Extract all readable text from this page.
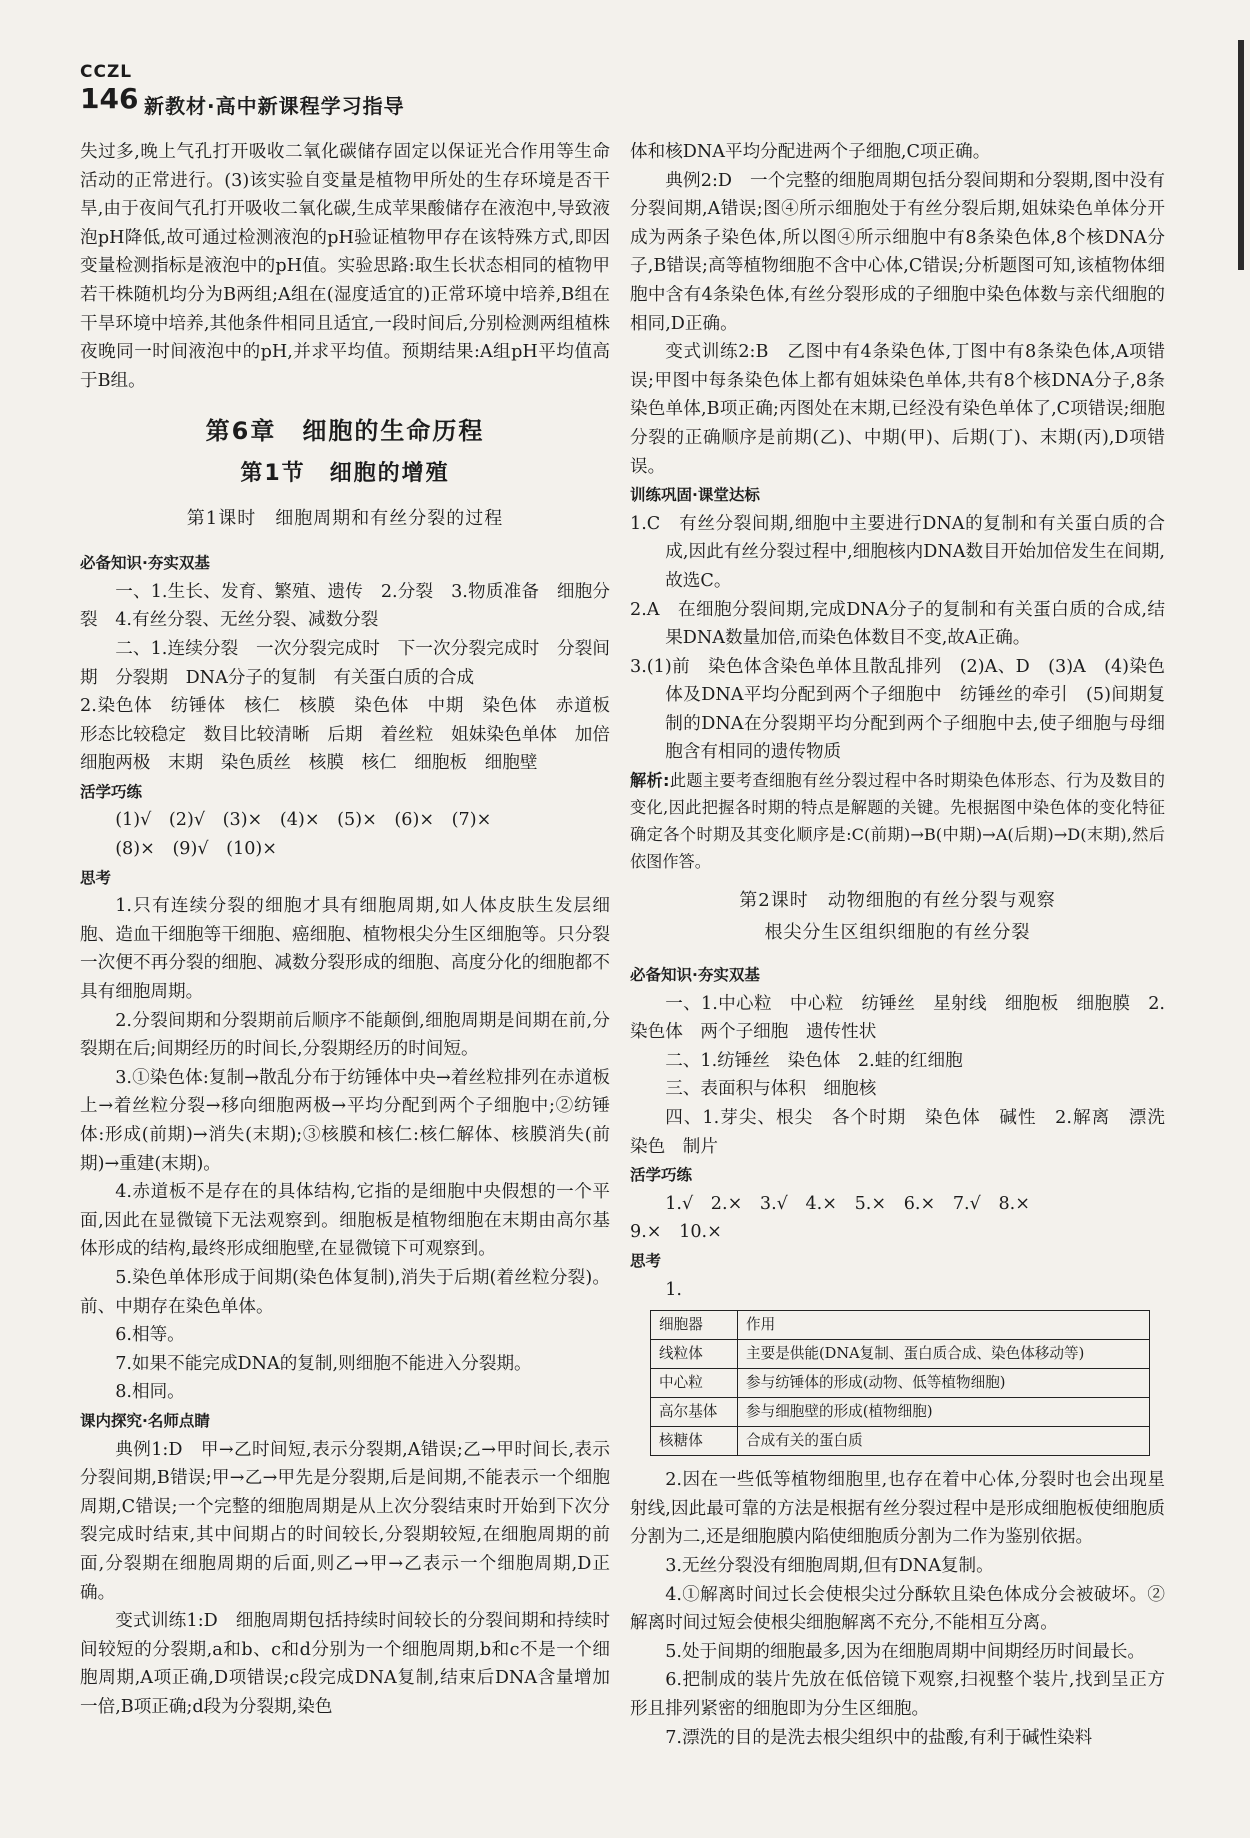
CCZL
146 新教材·高中新课程学习指导

失过多,晚上气孔打开吸收二氧化碳储存固定以保证光合作用等生命活动的正常进行。(3)该实验自变量是植物甲所处的生存环境是否干旱,由于夜间气孔打开吸收二氧化碳,生成苹果酸储存在液泡中,导致液泡pH降低,故可通过检测液泡的pH验证植物甲存在该特殊方式,即因变量检测指标是液泡中的pH值。实验思路:取生长状态相同的植物甲若干株随机均分为B两组;A组在(湿度适宜的)正常环境中培养,B组在干旱环境中培养,其他条件相同且适宜,一段时间后,分别检测两组植株夜晚同一时间液泡中的pH,并求平均值。预期结果:A组pH平均值高于B组。

第6章　细胞的生命历程
第1节　细胞的增殖
第1课时　细胞周期和有丝分裂的过程

必备知识·夯实双基

一、1.生长、发育、繁殖、遗传　2.分裂　3.物质准备　细胞分裂　4.有丝分裂、无丝分裂、减数分裂

二、1.连续分裂　一次分裂完成时　下一次分裂完成时　分裂间期　分裂期　DNA分子的复制　有关蛋白质的合成

2.染色体　纺锤体　核仁　核膜　染色体　中期　染色体　赤道板　形态比较稳定　数目比较清晰　后期　着丝粒　姐妹染色单体　加倍　细胞两极　末期　染色质丝　核膜　核仁　细胞板　细胞壁

活学巧练

(1)√　(2)√　(3)×　(4)×　(5)×　(6)×　(7)×

(8)×　(9)√　(10)×

思考

1.只有连续分裂的细胞才具有细胞周期,如人体皮肤生发层细胞、造血干细胞等干细胞、癌细胞、植物根尖分生区细胞等。只分裂一次便不再分裂的细胞、减数分裂形成的细胞、高度分化的细胞都不具有细胞周期。

2.分裂间期和分裂期前后顺序不能颠倒,细胞周期是间期在前,分裂期在后;间期经历的时间长,分裂期经历的时间短。

3.①染色体:复制→散乱分布于纺锤体中央→着丝粒排列在赤道板上→着丝粒分裂→移向细胞两极→平均分配到两个子细胞中;②纺锤体:形成(前期)→消失(末期);③核膜和核仁:核仁解体、核膜消失(前期)→重建(末期)。

4.赤道板不是存在的具体结构,它指的是细胞中央假想的一个平面,因此在显微镜下无法观察到。细胞板是植物细胞在末期由高尔基体形成的结构,最终形成细胞壁,在显微镜下可观察到。

5.染色单体形成于间期(染色体复制),消失于后期(着丝粒分裂)。前、中期存在染色单体。

6.相等。

7.如果不能完成DNA的复制,则细胞不能进入分裂期。

8.相同。

课内探究·名师点睛

典例1:D　甲→乙时间短,表示分裂期,A错误;乙→甲时间长,表示分裂间期,B错误;甲→乙→甲先是分裂期,后是间期,不能表示一个细胞周期,C错误;一个完整的细胞周期是从上次分裂结束时开始到下次分裂完成时结束,其中间期占的时间较长,分裂期较短,在细胞周期的前面,分裂期在细胞周期的后面,则乙→甲→乙表示一个细胞周期,D正确。

变式训练1:D　细胞周期包括持续时间较长的分裂间期和持续时间较短的分裂期,a和b、c和d分别为一个细胞周期,b和c不是一个细胞周期,A项正确,D项错误;c段完成DNA复制,结束后DNA含量增加一倍,B项正确;d段为分裂期,染色

体和核DNA平均分配进两个子细胞,C项正确。

典例2:D　一个完整的细胞周期包括分裂间期和分裂期,图中没有分裂间期,A错误;图④所示细胞处于有丝分裂后期,姐妹染色单体分开成为两条子染色体,所以图④所示细胞中有8条染色体,8个核DNA分子,B错误;高等植物细胞不含中心体,C错误;分析题图可知,该植物体细胞中含有4条染色体,有丝分裂形成的子细胞中染色体数与亲代细胞的相同,D正确。

变式训练2:B　乙图中有4条染色体,丁图中有8条染色体,A项错误;甲图中每条染色体上都有姐妹染色单体,共有8个核DNA分子,8条染色单体,B项正确;丙图处在末期,已经没有染色单体了,C项错误;细胞分裂的正确顺序是前期(乙)、中期(甲)、后期(丁)、末期(丙),D项错误。

训练巩固·课堂达标

1.C　有丝分裂间期,细胞中主要进行DNA的复制和有关蛋白质的合成,因此有丝分裂过程中,细胞核内DNA数目开始加倍发生在间期,故选C。

2.A　在细胞分裂间期,完成DNA分子的复制和有关蛋白质的合成,结果DNA数量加倍,而染色体数目不变,故A正确。

3.(1)前　染色体含染色单体且散乱排列　(2)A、D　(3)A　(4)染色体及DNA平均分配到两个子细胞中　纺锤丝的牵引　(5)间期复制的DNA在分裂期平均分配到两个子细胞中去,使子细胞与母细胞含有相同的遗传物质

解析:此题主要考查细胞有丝分裂过程中各时期染色体形态、行为及数目的变化,因此把握各时期的特点是解题的关键。先根据图中染色体的变化特征确定各个时期及其变化顺序是:C(前期)→B(中期)→A(后期)→D(末期),然后依图作答。

第2课时　动物细胞的有丝分裂与观察
根尖分生区组织细胞的有丝分裂

必备知识·夯实双基

一、1.中心粒　中心粒　纺锤丝　星射线　细胞板　细胞膜　2.染色体　两个子细胞　遗传性状

二、1.纺锤丝　染色体　2.蛙的红细胞

三、表面积与体积　细胞核

四、1.芽尖、根尖　各个时期　染色体　碱性　2.解离　漂洗　染色　制片

活学巧练

1.√　2.×　3.√　4.×　5.×　6.×　7.√　8.×

9.×　10.×

思考

1.

细胞器	作用
线粒体	主要是供能(DNA复制、蛋白质合成、染色体移动等)
中心粒	参与纺锤体的形成(动物、低等植物细胞)
高尔基体	参与细胞壁的形成(植物细胞)
核糖体	合成有关的蛋白质

2.因在一些低等植物细胞里,也存在着中心体,分裂时也会出现星射线,因此最可靠的方法是根据有丝分裂过程中是形成细胞板使细胞质分割为二,还是细胞膜内陷使细胞质分割为二作为鉴别依据。

3.无丝分裂没有细胞周期,但有DNA复制。

4.①解离时间过长会使根尖过分酥软且染色体成分会被破坏。②解离时间过短会使根尖细胞解离不充分,不能相互分离。

5.处于间期的细胞最多,因为在细胞周期中间期经历时间最长。

6.把制成的装片先放在低倍镜下观察,扫视整个装片,找到呈正方形且排列紧密的细胞即为分生区细胞。

7.漂洗的目的是洗去根尖组织中的盐酸,有利于碱性染料
